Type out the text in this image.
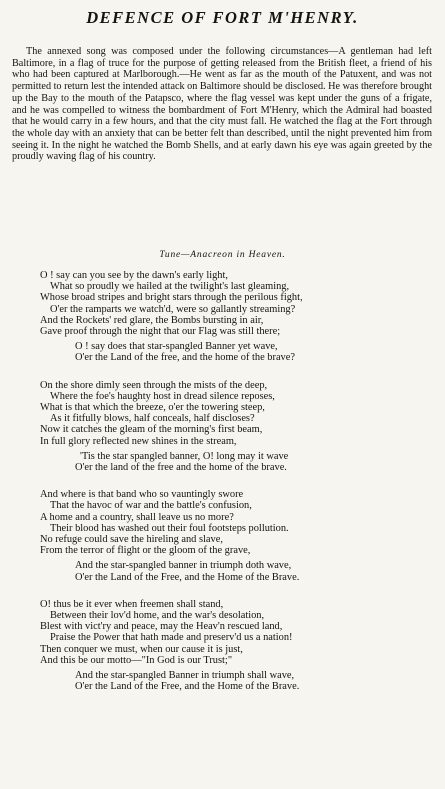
DEFENCE OF FORT M'HENRY.

The annexed song was composed under the following circumstances—A gentleman had left Baltimore, in a flag of truce for the purpose of getting released from the British fleet, a friend of his who had been captured at Marlborough.—He went as far as the mouth of the Patuxent, and was not permitted to return lest the intended attack on Baltimore should be disclosed. He was therefore brought up the Bay to the mouth of the Patapsco, where the flag vessel was kept under the guns of a frigate, and he was compelled to witness the bombardment of Fort M'Henry, which the Admiral had boasted that he would carry in a few hours, and that the city must fall. He watched the flag at the Fort through the whole day with an anxiety that can be better felt than described, until the night prevented him from seeing it. In the night he watched the Bomb Shells, and at early dawn his eye was again greeted by the proudly waving flag of his country.

Tune—Anacreon in Heaven.
O ! say can you see by the dawn's early light,
What so proudly we hailed at the twilight's last gleaming,
Whose broad stripes and bright stars through the perilous fight,
O'er the ramparts we watch'd, were so gallantly streaming?
And the Rockets' red glare, the Bombs bursting in air,
Gave proof through the night that our Flag was still there;
O ! say does that star-spangled Banner yet wave,
O'er the Land of the free, and the home of the brave?
On the shore dimly seen through the mists of the deep,
Where the foe's haughty host in dread silence reposes,
What is that which the breeze, o'er the towering steep,
As it fitfully blows, half conceals, half discloses?
Now it catches the gleam of the morning's first beam,
In full glory reflected new shines in the stream,
'Tis the star spangled banner, O! long may it wave
O'er the land of the free and the home of the brave.
And where is that band who so vauntingly swore
That the havoc of war and the battle's confusion,
A home and a country, shall leave us no more?
Their blood has washed out their foul footsteps pollution.
No refuge could save the hireling and slave,
From the terror of flight or the gloom of the grave,
And the star-spangled banner in triumph doth wave,
O'er the Land of the Free, and the Home of the Brave.
O! thus be it ever when freemen shall stand,
Between their lov'd home, and the war's desolation,
Blest with vict'ry and peace, may the Heav'n rescued land,
Praise the Power that hath made and preserv'd us a nation!
Then conquer we must, when our cause it is just,
And this be our motto—"In God is our Trust;"
And the star-spangled Banner in triumph shall wave,
O'er the Land of the Free, and the Home of the Brave.
